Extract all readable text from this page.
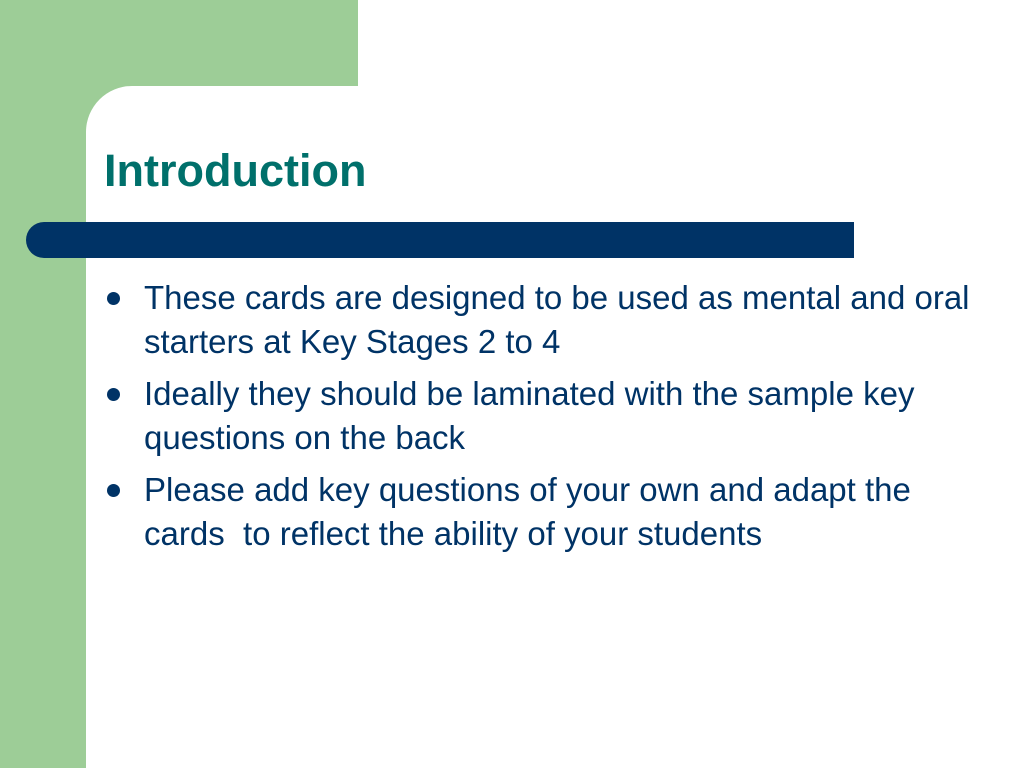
Introduction
These cards are designed to be used as mental and oral starters at Key Stages 2 to 4
Ideally they should be laminated with the sample key questions on the back
Please add key questions of your own and adapt the cards  to reflect the ability of your students
